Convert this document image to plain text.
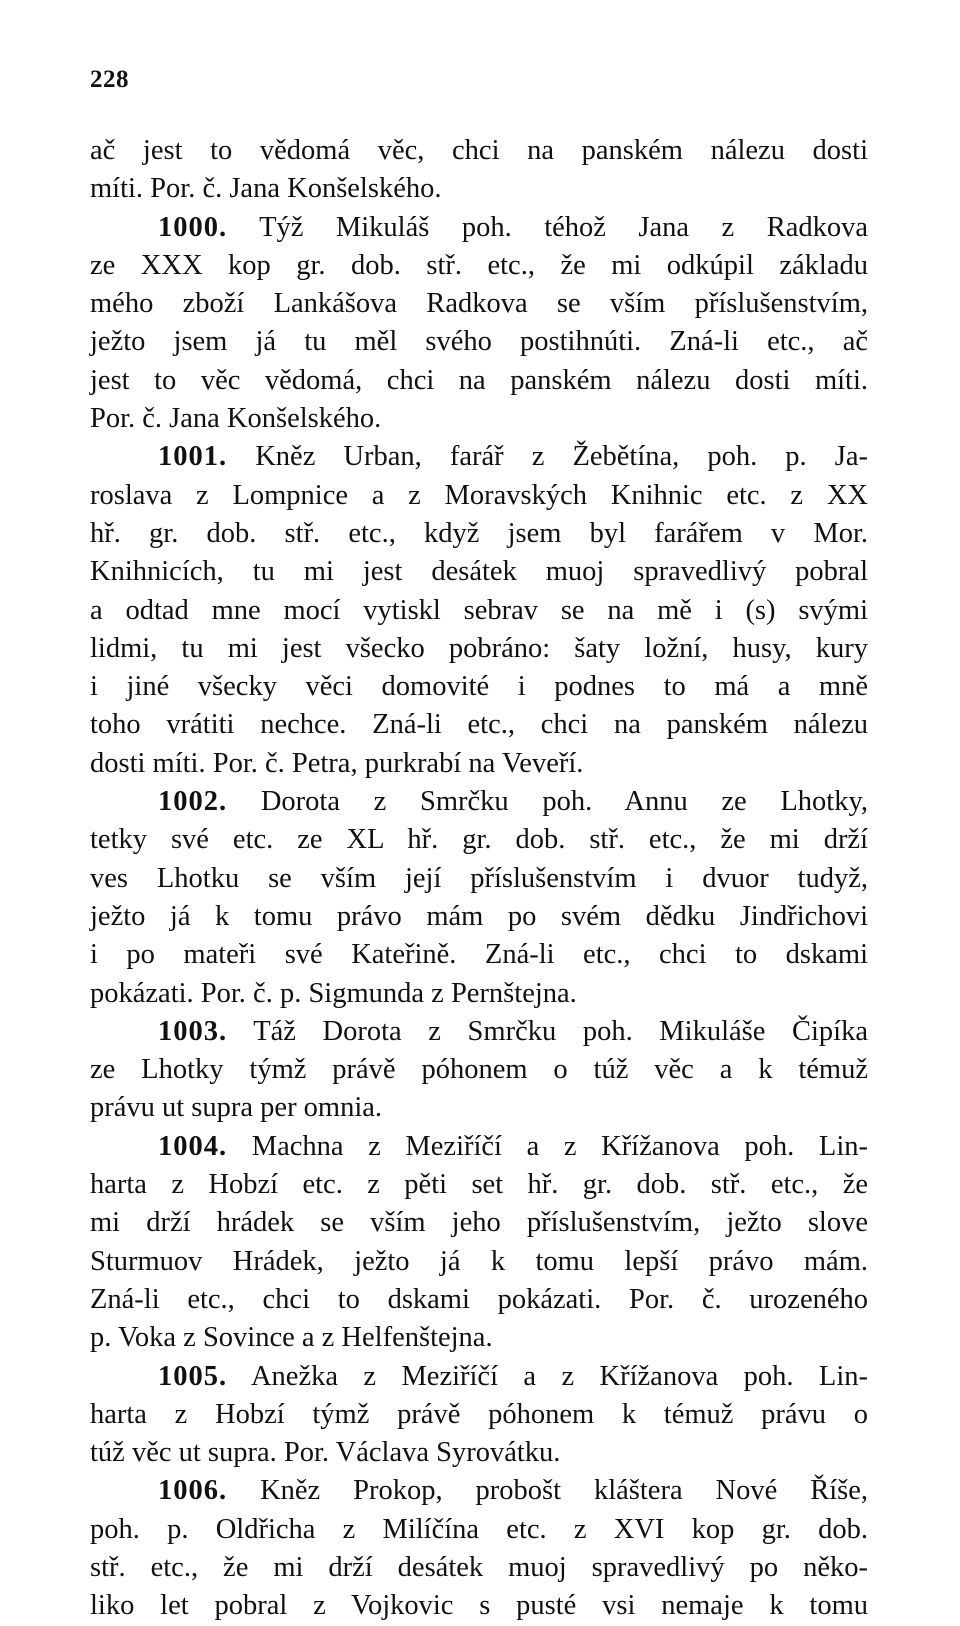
228
ač jest to vědomá věc, chci na panském nálezu dosti
míti. Por. č. Jana Konšelského.
1000. Týž Mikuláš poh. téhož Jana z Radkova
ze XXX kop gr. dob. stř. etc., že mi odkúpil základu
mého zboží Lankášova Radkova se vším příslušenstvím,
ježto jsem já tu měl svého postihnúti. Zná-li etc., ač
jest to věc vědomá, chci na panském nálezu dosti míti.
Por. č. Jana Konšelského.
1001. Kněz Urban, farář z Žebětína, poh. p. Ja-
roslava z Lompnice a z Moravských Knihnic etc. z XX
hř. gr. dob. stř. etc., když jsem byl farářem v Mor.
Knihnicích, tu mi jest desátek muoj spravedlivý pobral
a odtad mne mocí vytiskl sebrav se na mě i (s) svými
lidmi, tu mi jest všecko pobráno: šaty ložní, husy, kury
i jiné všecky věci domovité i podnes to má a mně
toho vrátiti nechce. Zná-li etc., chci na panském nálezu
dosti míti. Por. č. Petra, purkrabí na Veveří.
1002. Dorota z Smrčku poh. Annu ze Lhotky,
tetky své etc. ze XL hř. gr. dob. stř. etc., že mi drží
ves Lhotku se vším její příslušenstvím i dvuor tudyž,
ježto já k tomu právo mám po svém dědku Jindřichovi
i po mateři své Kateřině. Zná-li etc., chci to dskami
pokázati. Por. č. p. Sigmunda z Pernštejna.
1003. Táž Dorota z Smrčku poh. Mikuláše Čipíka
ze Lhotky týmž právě póhonem o túž věc a k témuž
právu ut supra per omnia.
1004. Machna z Meziříčí a z Křížanova poh. Lin-
harta z Hobzí etc. z pěti set hř. gr. dob. stř. etc., že
mi drží hrádek se vším jeho příslušenstvím, ježto slove
Sturmuov Hrádek, ježto já k tomu lepší právo mám.
Zná-li etc., chci to dskami pokázati. Por. č. urozeného
p. Voka z Sovince a z Helfenštejna.
1005. Anežka z Meziříčí a z Křížanova poh. Lin-
harta z Hobzí týmž právě póhonem k témuž právu o
túž věc ut supra. Por. Václava Syrovátku.
1006. Kněz Prokop, probošt kláštera Nové Říše,
poh. p. Oldřicha z Milíčína etc. z XVI kop gr. dob.
stř. etc., že mi drží desátek muoj spravedlivý po něko-
liko let pobral z Vojkovic s pusté vsi nemaje k tomu
